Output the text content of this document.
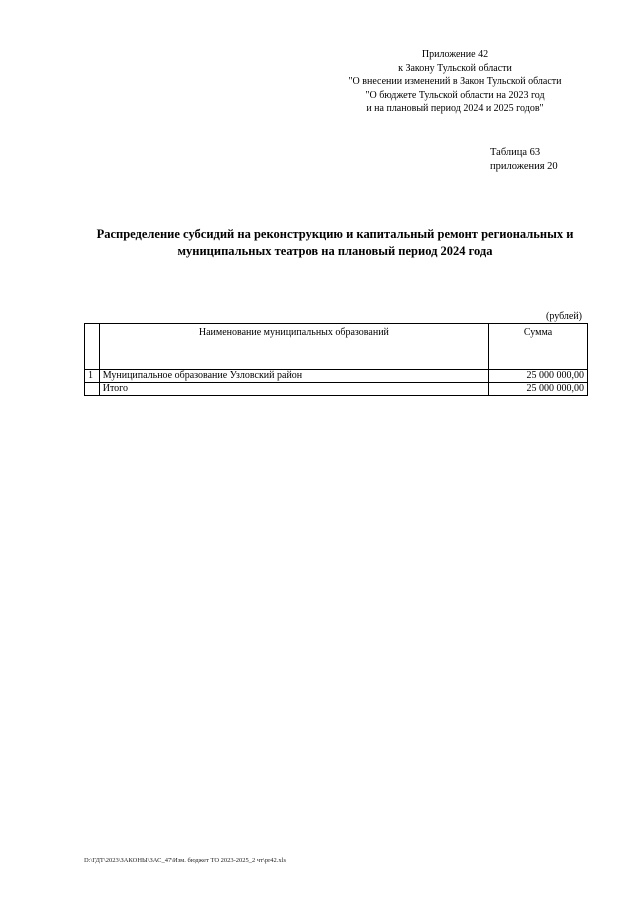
Приложение 42
к Закону Тульской области
"О внесении изменений в Закон Тульской области
"О бюджете Тульской области на 2023 год
и на плановый период 2024 и 2025 годов"
Таблица 63
приложения 20
Распределение субсидий на реконструкцию и капитальный ремонт региональных и
муниципальных театров на плановый период 2024 года
(рублей)
	Наименование муниципальных образований	Сумма
1	Муниципальное образование Узловский район	25 000 000,00
	Итого	25 000 000,00
D:\ГДТ\2023\ЗАКОНЫ\ЗАС_47\Изм. бюджет ТО 2023-2025_2 чт\pr42.xls
